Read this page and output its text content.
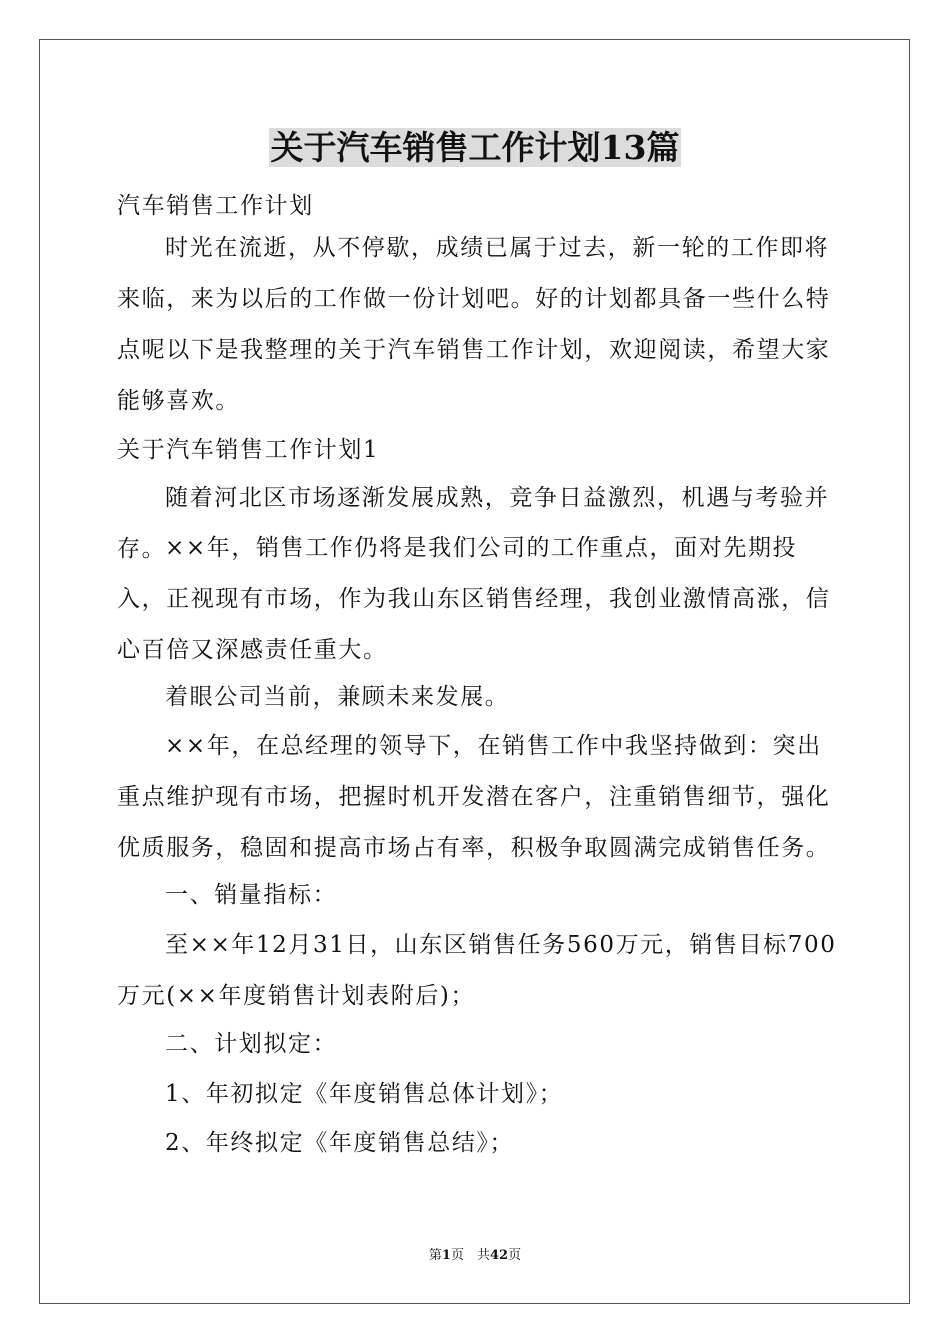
关于汽车销售工作计划13篇

汽车销售工作计划

时光在流逝，从不停歇，成绩已属于过去，新一轮的工作即将来临，来为以后的工作做一份计划吧。好的计划都具备一些什么特点呢以下是我整理的关于汽车销售工作计划，欢迎阅读，希望大家能够喜欢。

关于汽车销售工作计划1

随着河北区市场逐渐发展成熟，竞争日益激烈，机遇与考验并存。

××年，销售工作仍将是我们公司的工作重点，面对先期投入，正视现有市场，作为我山东区销售经理，我创业激情高涨，信心百倍又深感责任重大。

着眼公司当前，兼顾未来发展。

××年，在总经理的领导下，在销售工作中我坚持做到：突出重点维护现有市场，把握时机开发潜在客户，注重销售细节，强化优质服务，稳固和提高市场占有率，积极争取圆满完成销售任务。

一、销量指标：

至××年12月31日，山东区销售任务560万元，销售目标700万元(××年度销售计划表附后)；

二、计划拟定：

1、年初拟定《年度销售总体计划》；

2、年终拟定《年度销售总结》；

第1页　共42页
